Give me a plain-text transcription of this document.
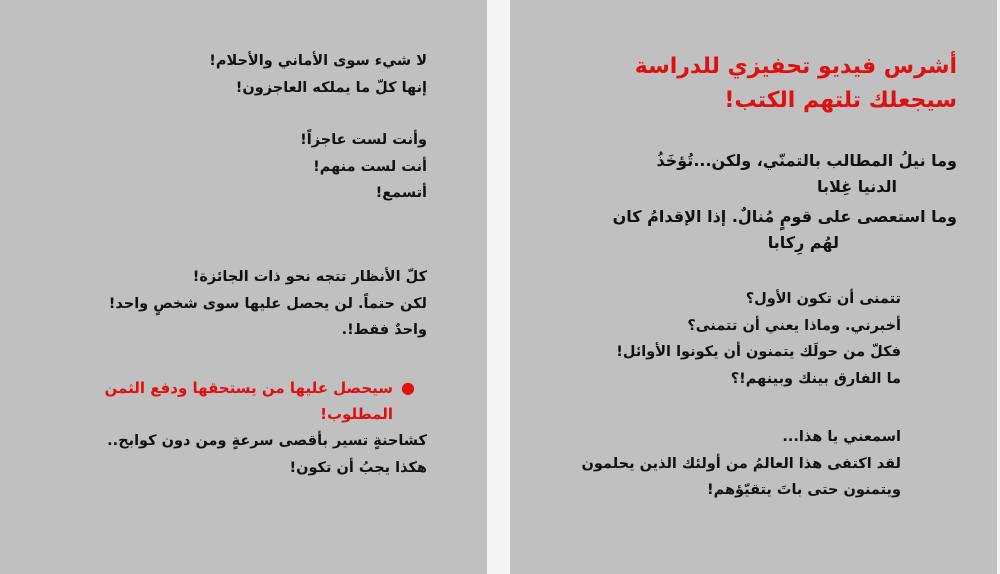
لا شيء سوى الأماني والأحلام!

إنها كلّ ما يملكه العاجزون!

وأنت لست عاجزاً!

أنت لست منهم!

أتسمع!

كلّ الأنظار تتجه نحو ذات الجائزة!

لكن حتماً. لن يحصل عليها سوى شخصٍ واحد!

واحدٌ فقط!.

●

سيحصل عليها من يستحقها ودفع الثمن

المطلوب!

كشاحنةٍ تسير بأقصى سرعةٍ ومن دون كوابح..

هكذا يجبُ أن تكون!

أشرس فيديو تحفيزي للدراسة
سيجعلك تلتهم الكتب!

وما نيلُ المطالب بالتمنّي، ولكن...تُؤخَذُ

الدنيا غِلابا

وما استعصى على قومٍ مُنالٌ. إذا الإقدامُ كان

لهُم رِكابا

تتمنى أن تكون الأول؟

أخبرني. وماذا يعني أن تتمنى؟

فكلّ من حولَك يتمنون أن يكونوا الأوائل!

ما الفارق بينك وبينهم!؟

اسمعني يا هذا...

لقد اكتفى هذا العالمُ من أولئك الذين يحلمون

ويتمنون حتى باتَ يتقيّؤهم!
